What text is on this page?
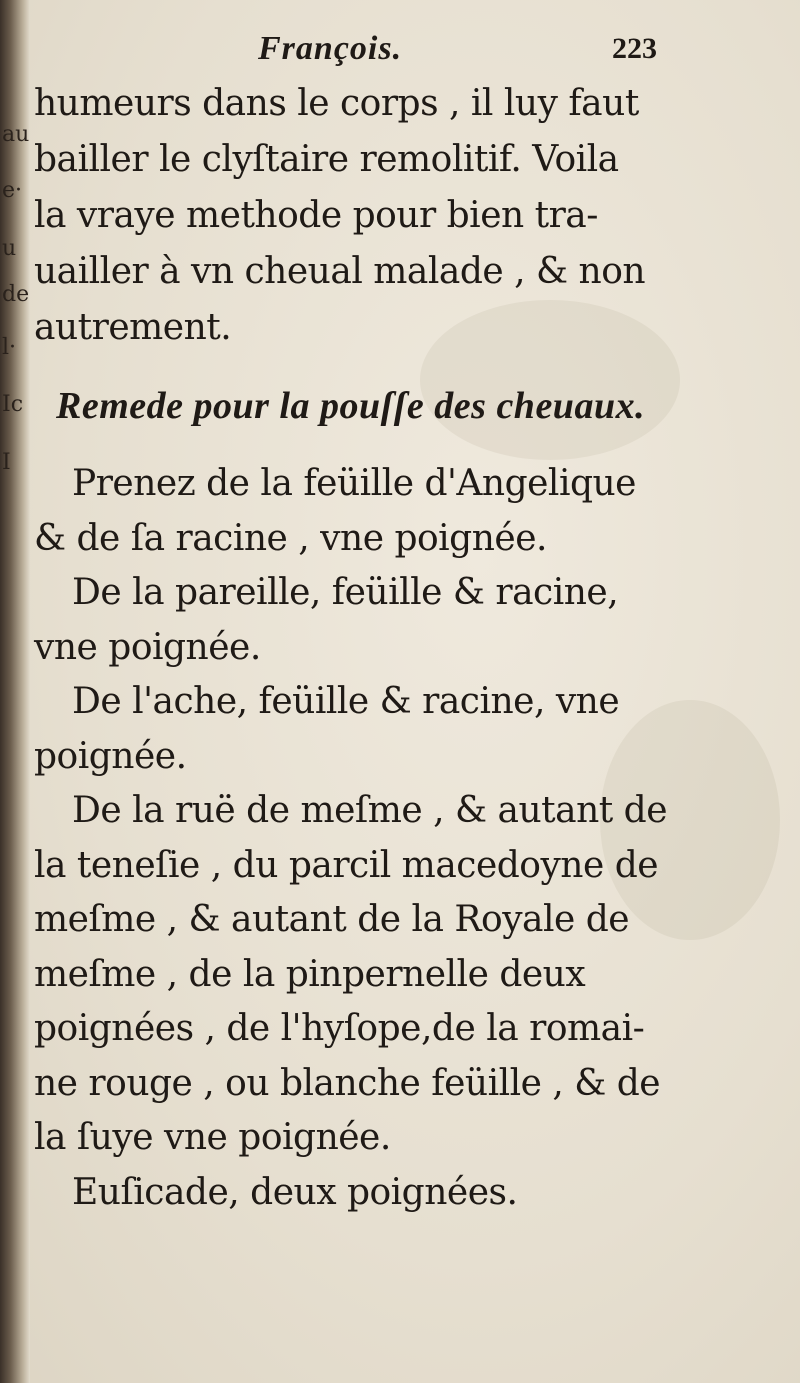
au
e·
u
de
l·
Ic
I
François.	223
humeurs dans le corps , il luy faut
bailler le clyſtaire remolitif. Voila
la vraye methode pour bien tra-
uailler à vn cheual malade , & non
autrement.
Remede pour la pouſſe des cheuaux.
Prenez de la feüille d'Angelique
& de ſa racine , vne poignée.
De la pareille, feüille & racine,
vne poignée.
De l'ache, feüille & racine, vne
poignée.
De la ruë de meſme , & autant de
la teneſie , du parcil macedoyne de
meſme , & autant de la Royale de
meſme , de la pinpernelle deux
poignées , de l'hyſope,de la romai-
ne rouge , ou blanche feüille , & de
la ſuye vne poignée.
Euſicade, deux poignées.
